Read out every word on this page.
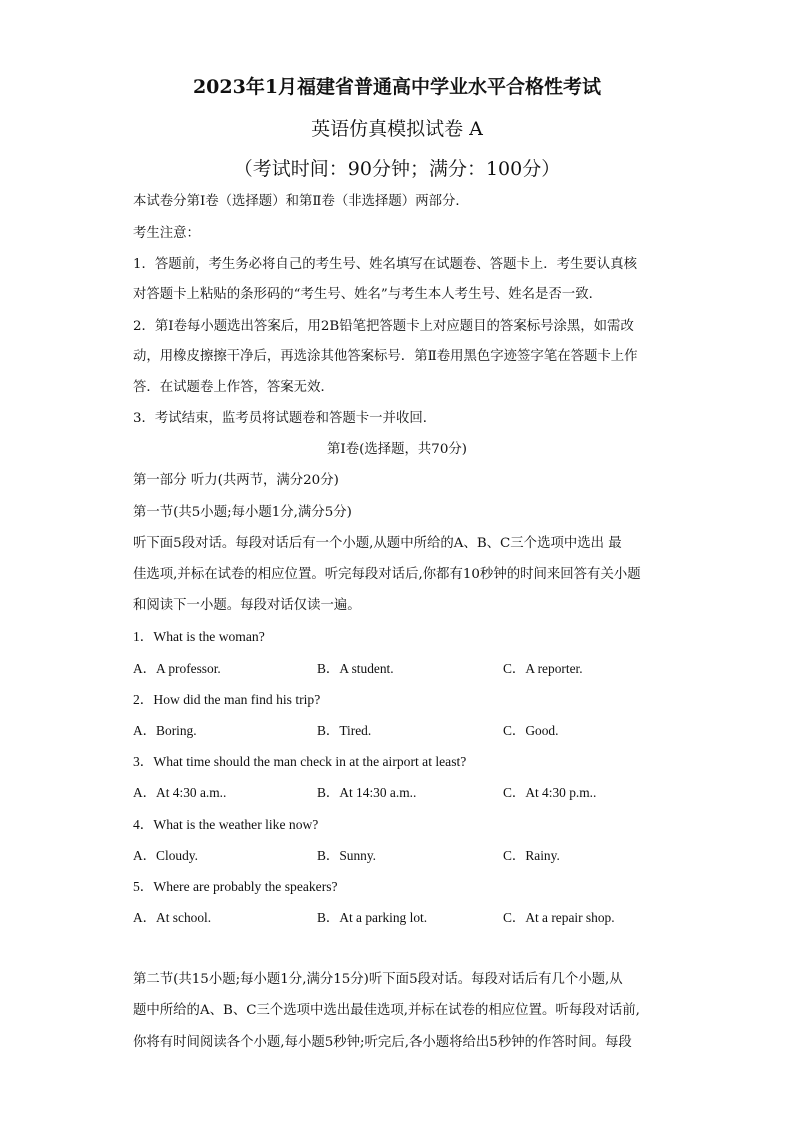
2023年1月福建省普通高中学业水平合格性考试
英语仿真模拟试卷 A
（考试时间：90分钟；满分：100分）
本试卷分第Ⅰ卷（选择题）和第Ⅱ卷（非选择题）两部分．
考生注意：
1．答题前，考生务必将自己的考生号、姓名填写在试题卷、答题卡上．考生要认真核
对答题卡上粘贴的条形码的“考生号、姓名”与考生本人考生号、姓名是否一致．
2．第Ⅰ卷每小题选出答案后，用2B铅笔把答题卡上对应题目的答案标号涂黑，如需改
动，用橡皮擦擦干净后，再选涂其他答案标号．第Ⅱ卷用黑色字迹签字笔在答题卡上作
答．在试题卷上作答，答案无效．
3．考试结束，监考员将试题卷和答题卡一并收回．
第Ⅰ卷(选择题，共70分)
第一部分 听力(共两节，满分20分)
第一节(共5小题;每小题1分,满分5分)
听下面5段对话。每段对话后有一个小题,从题中所给的A、B、C三个选项中选出 最
佳选项,并标在试卷的相应位置。听完每段对话后,你都有10秒钟的时间来回答有关小题
和阅读下一小题。每段对话仅读一遍。
1．What is the woman?
A．A professor.	B．A student.	C．A reporter.
2．How did the man find his trip?
A．Boring.	B．Tired.	C．Good.
3．What time should the man check in at the airport at least?
A．At 4:30 a.m..	B．At 14:30 a.m..	C．At 4:30 p.m..
4．What is the weather like now?
A．Cloudy.	B．Sunny.	C．Rainy.
5．Where are probably the speakers?
A．At school.	B．At a parking lot.	C．At a repair shop.
第二节(共15小题;每小题1分,满分15分)听下面5段对话。每段对话后有几个小题,从
题中所给的A、B、C三个选项中选出最佳选项,并标在试卷的相应位置。听每段对话前,
你将有时间阅读各个小题,每小题5秒钟;听完后,各小题将给出5秒钟的作答时间。每段
